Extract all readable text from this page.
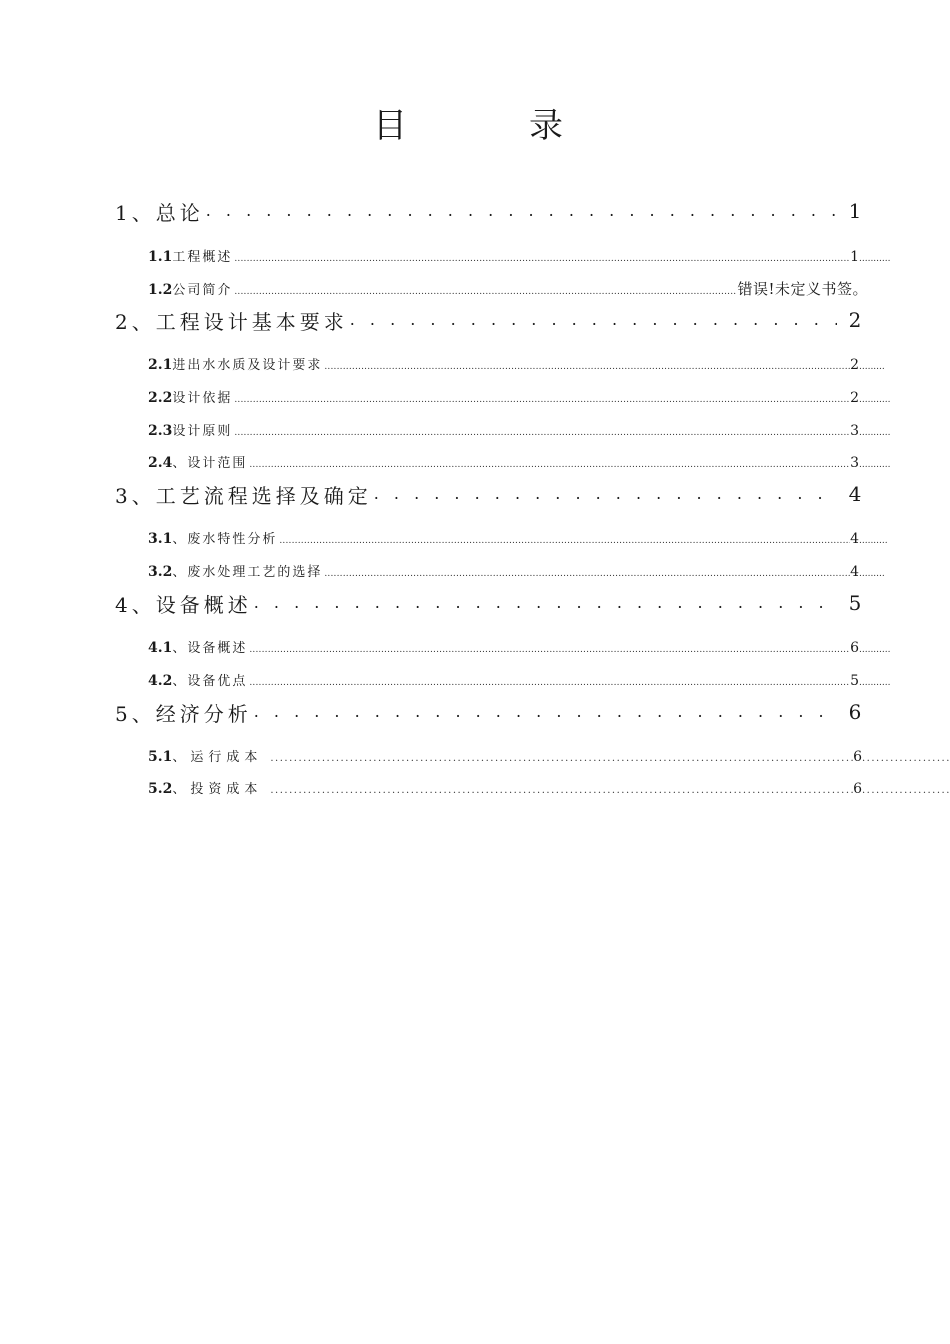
目　录
1、总论 . . .	1
1.1 工程概述 .....	1
.....
1.2 公司简介 .....	错误!未定义书签。
2、工程设计基本要求 . . .	2
2.1 进出水水质及设计要求 .....	2
.....
2.2 设计依据 .....	2
.....
2.3 设计原则 .....	3
.....
2.4 、设计范围 .....	3
.....
3、工艺流程选择及确定 . . .	4
3.1 、废水特性分析 .....	4
.....
3.2 、废水处理工艺的选择 .....	4
.....
4、设备概述 . . .	5
4.1 、设备概述 .....	6
.....
4.2 、设备优点 .....	5
.....
5、经济分析 . . .	6
5.1 、运行成本 .....	6
.....
5.2 、投资成本 .....	6
.....
